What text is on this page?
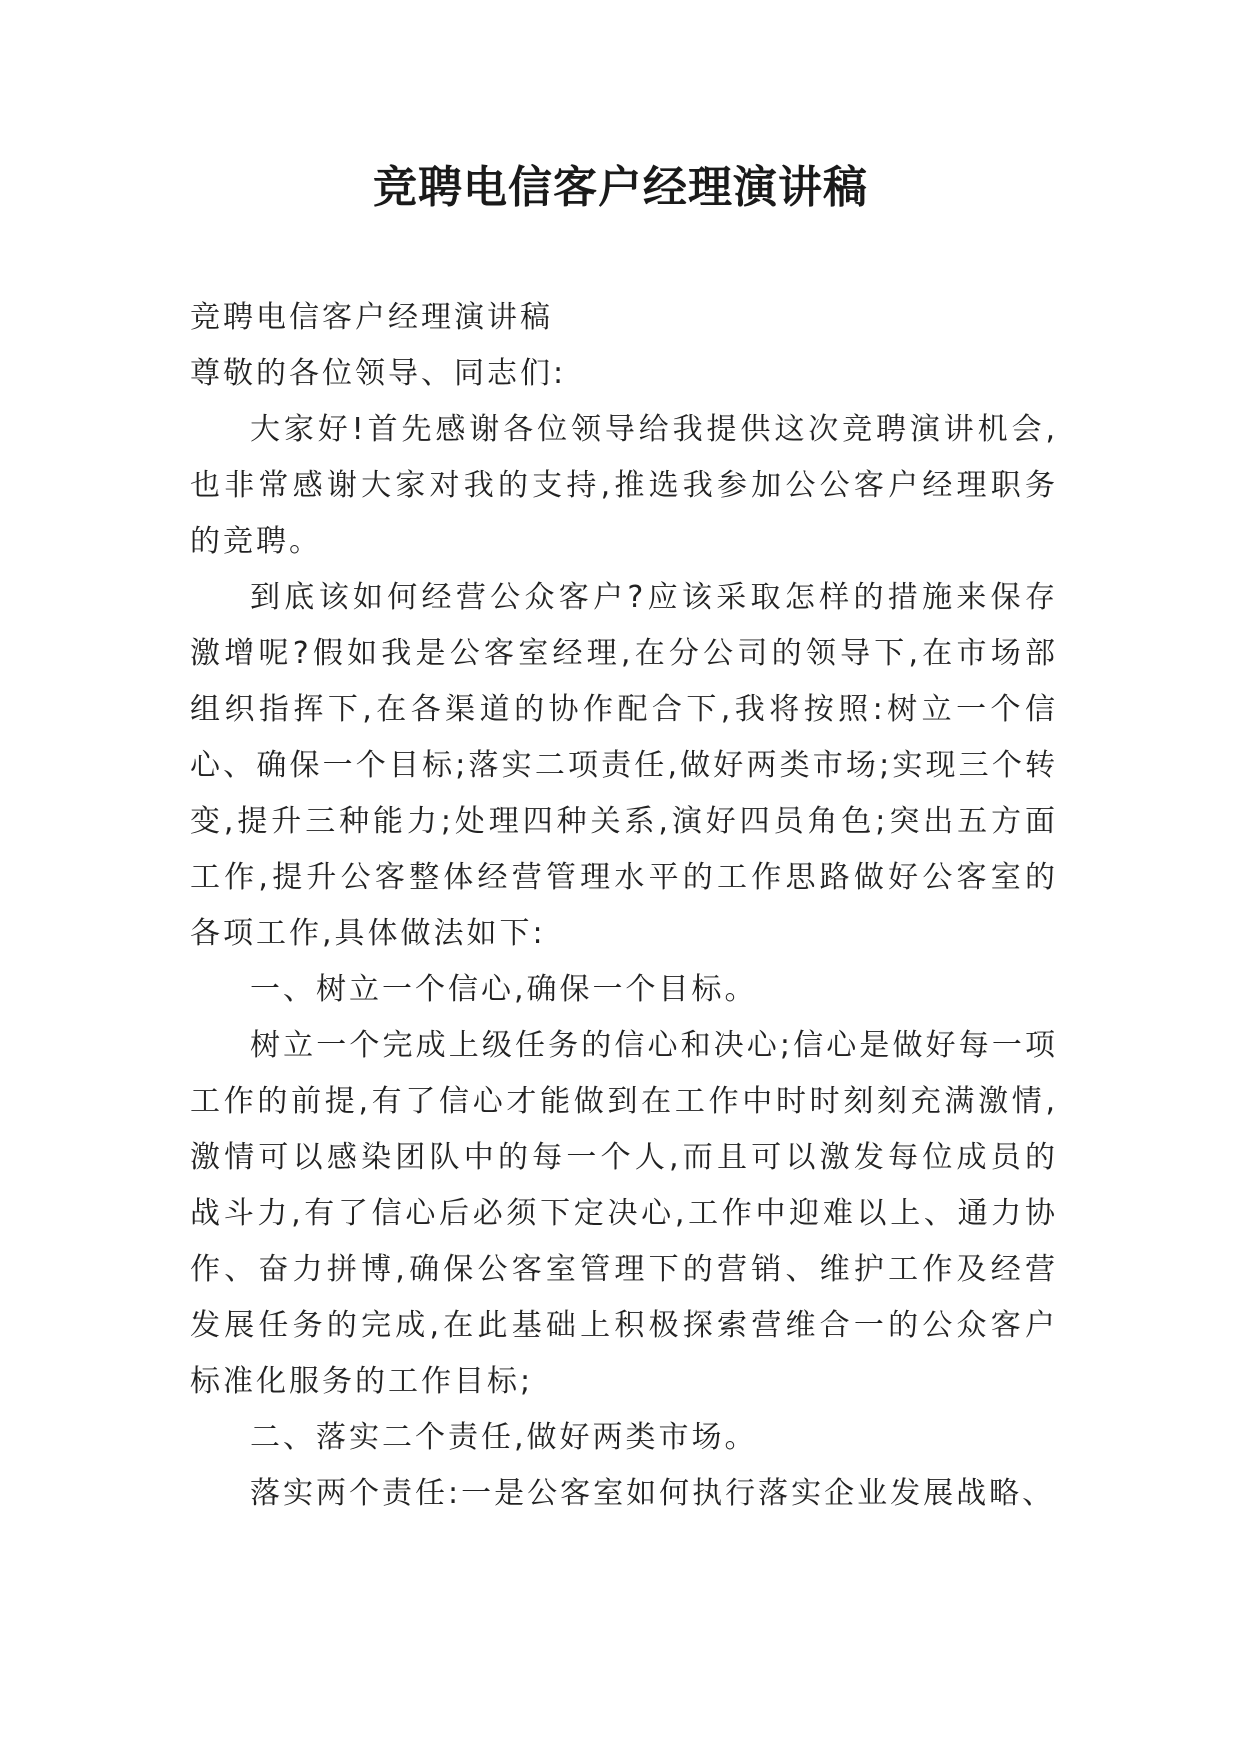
竞聘电信客户经理演讲稿

竞聘电信客户经理演讲稿

尊敬的各位领导、同志们:

大家好!首先感谢各位领导给我提供这次竞聘演讲机会,也非常感谢大家对我的支持,推选我参加公公客户经理职务的竞聘。

到底该如何经营公众客户?应该采取怎样的措施来保存激增呢?假如我是公客室经理,在分公司的领导下,在市场部组织指挥下,在各渠道的协作配合下,我将按照:树立一个信心、确保一个目标;落实二项责任,做好两类市场;实现三个转变,提升三种能力;处理四种关系,演好四员角色;突出五方面工作,提升公客整体经营管理水平的工作思路做好公客室的各项工作,具体做法如下:

一、树立一个信心,确保一个目标。

树立一个完成上级任务的信心和决心;信心是做好每一项工作的前提,有了信心才能做到在工作中时时刻刻充满激情,激情可以感染团队中的每一个人,而且可以激发每位成员的战斗力,有了信心后必须下定决心,工作中迎难以上、通力协作、奋力拼博,确保公客室管理下的营销、维护工作及经营发展任务的完成,在此基础上积极探索营维合一的公众客户标准化服务的工作目标;

二、落实二个责任,做好两类市场。

落实两个责任:一是公客室如何执行落实企业发展战略、
